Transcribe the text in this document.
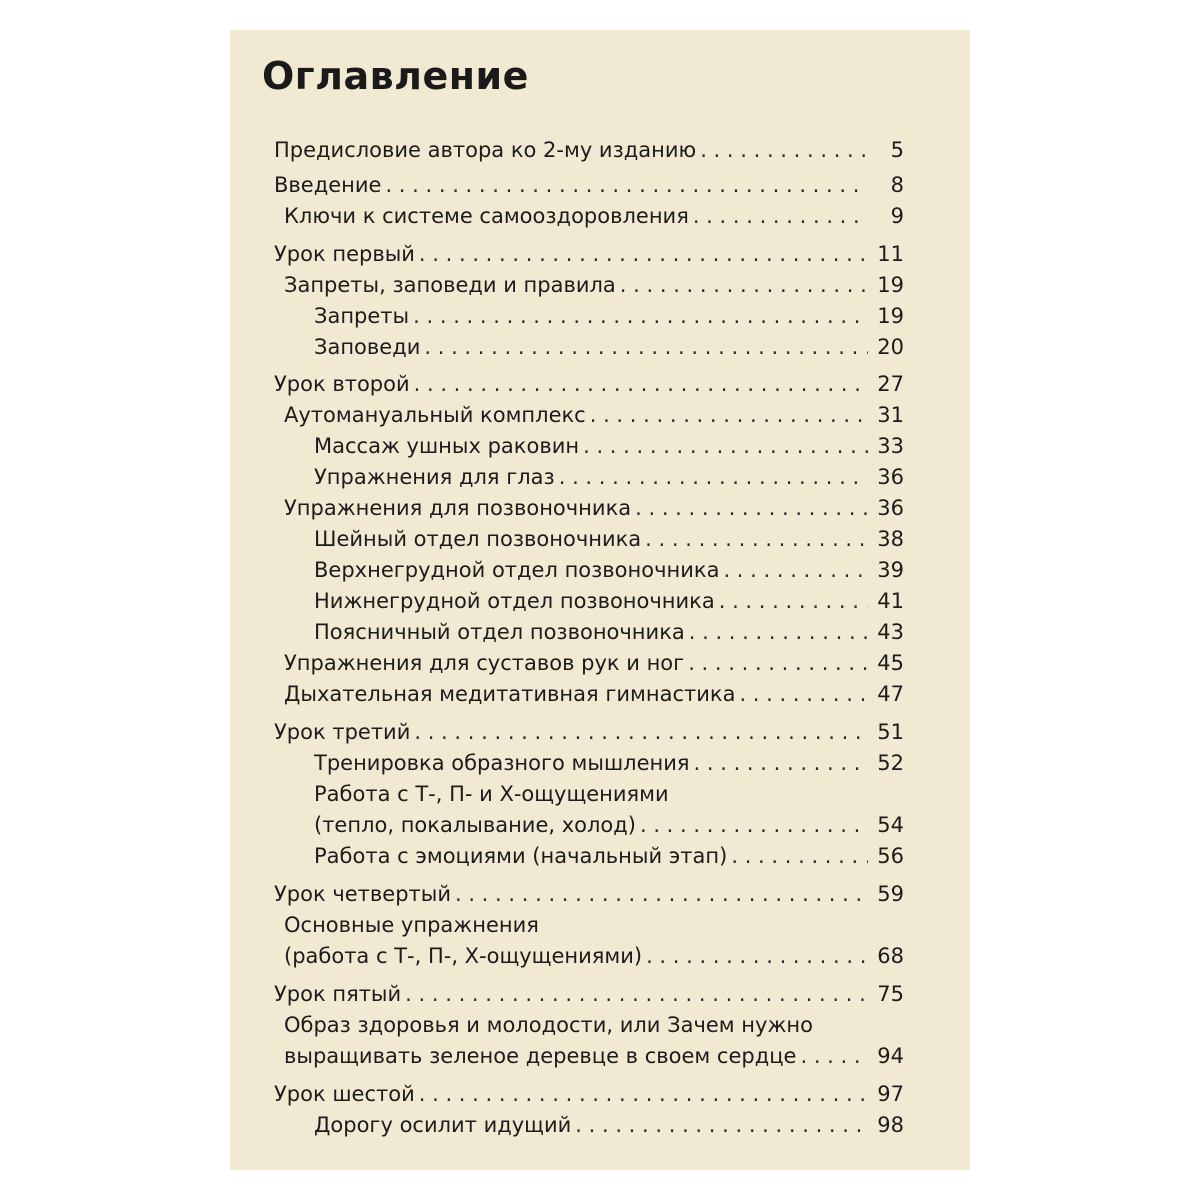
Оглавление
Предисловие автора ко 2-му изданию . . .	5
Введение . . .	8
Ключи к системе самооздоровления . . .	9
Урок первый . . .	11
Запреты, заповеди и правила . . .	19
Запреты . . .	19
Заповеди . . .	20
Урок второй . . .	27
Аутомануальный комплекс . . .	31
Массаж ушных раковин . . .	33
Упражнения для глаз . . .	36
Упражнения для позвоночника . . .	36
Шейный отдел позвоночника . . .	38
Верхнегрудной отдел позвоночника . . .	39
Нижнегрудной отдел позвоночника . . .	41
Поясничный отдел позвоночника . . .	43
Упражнения для суставов рук и ног . . .	45
Дыхательная медитативная гимнастика . . .	47
Урок третий . . .	51
Тренировка образного мышления . . .	52
Работа с Т-, П- и Х-ощущениями
(тепло, покалывание, холод) . . .	54
Работа с эмоциями (начальный этап) . . .	56
Урок четвертый . . .	59
Основные упражнения
(работа с Т-, П-, Х-ощущениями) . . .	68
Урок пятый . . .	75
Образ здоровья и молодости, или Зачем нужно
выращивать зеленое деревце в своем сердце . . .	94
Урок шестой . . .	97
Дорогу осилит идущий . . .	98
